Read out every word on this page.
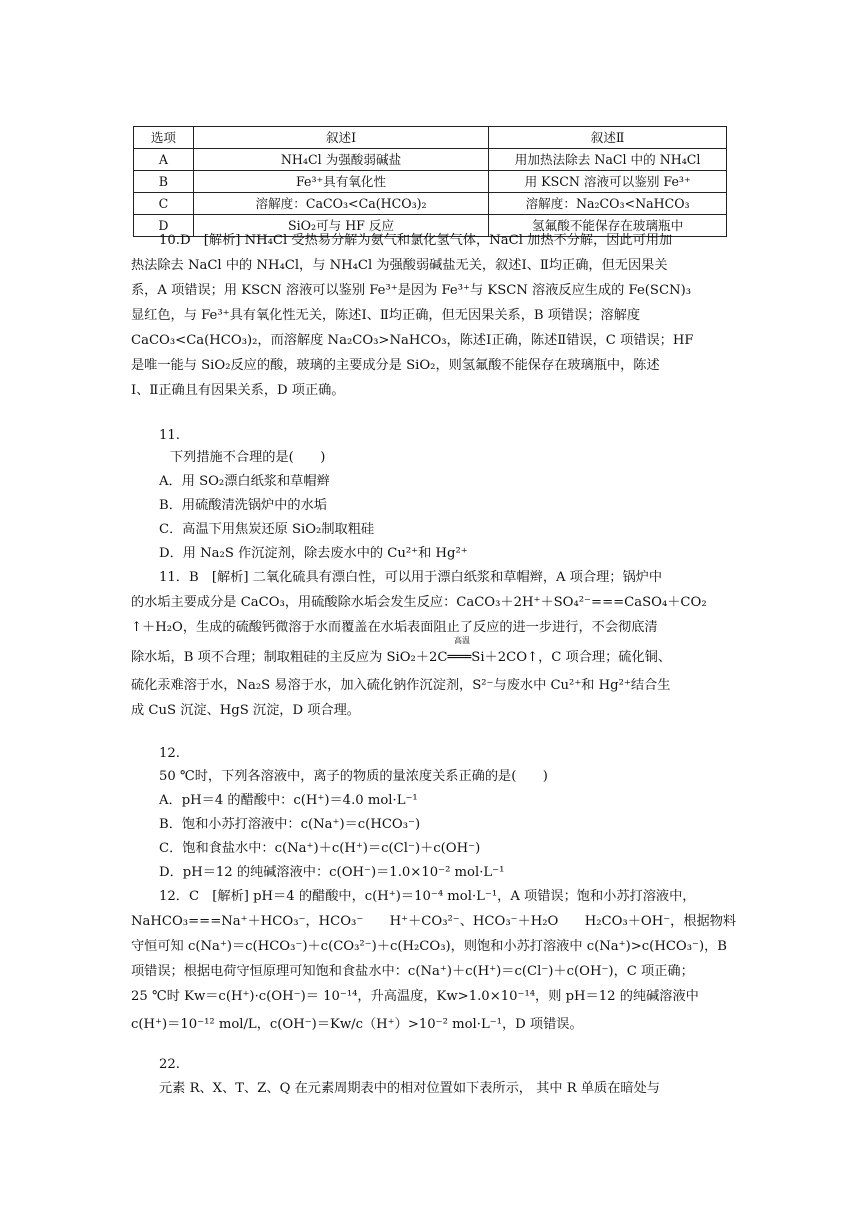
选项	叙述Ⅰ	叙述Ⅱ
A	NH₄Cl 为强酸弱碱盐	用加热法除去 NaCl 中的 NH₄Cl
B	Fe³⁺具有氧化性	用 KSCN 溶液可以鉴别 Fe³⁺
C	溶解度：CaCO₃<Ca(HCO₃)₂	溶解度：Na₂CO₃<NaHCO₃
D	SiO₂可与 HF 反应	氢氟酸不能保存在玻璃瓶中
10.D　[解析] NH₄Cl 受热易分解为氨气和氯化氢气体，NaCl 加热不分解，因此可用加
热法除去 NaCl 中的 NH₄Cl，与 NH₄Cl 为强酸弱碱盐无关，叙述Ⅰ、Ⅱ均正确，但无因果关
系，A 项错误；用 KSCN 溶液可以鉴别 Fe³⁺是因为 Fe³⁺与 KSCN 溶液反应生成的 Fe(SCN)₃
显红色，与 Fe³⁺具有氧化性无关，陈述Ⅰ、Ⅱ均正确，但无因果关系，B 项错误；溶解度
CaCO₃<Ca(HCO₃)₂，而溶解度 Na₂CO₃>NaHCO₃，陈述Ⅰ正确，陈述Ⅱ错误，C 项错误；HF
是唯一能与 SiO₂反应的酸，玻璃的主要成分是 SiO₂，则氢氟酸不能保存在玻璃瓶中，陈述
Ⅰ、Ⅱ正确且有因果关系，D 项正确。
11.
下列措施不合理的是(　　)
A．用 SO₂漂白纸浆和草帽辫
B．用硫酸清洗锅炉中的水垢
C．高温下用焦炭还原 SiO₂制取粗硅
D．用 Na₂S 作沉淀剂，除去废水中的 Cu²⁺和 Hg²⁺
11．B　[解析] 二氧化硫具有漂白性，可以用于漂白纸浆和草帽辫，A 项合理；锅炉中
的水垢主要成分是 CaCO₃，用硫酸除水垢会发生反应：CaCO₃＋2H⁺＋SO₄²⁻===CaSO₄＋CO₂
↑＋H₂O，生成的硫酸钙微溶于水而覆盖在水垢表面阻止了反应的进一步进行，不会彻底清
高温
除水垢，B 项不合理；制取粗硅的主反应为 SiO₂＋2C═══Si＋2CO↑，C 项合理；硫化铜、
硫化汞难溶于水，Na₂S 易溶于水，加入硫化钠作沉淀剂，S²⁻与废水中 Cu²⁺和 Hg²⁺结合生
成 CuS 沉淀、HgS 沉淀，D 项合理。
12.
50 ℃时，下列各溶液中，离子的物质的量浓度关系正确的是(　　)
A．pH＝4 的醋酸中：c(H⁺)＝4.0 mol·L⁻¹
B．饱和小苏打溶液中：c(Na⁺)＝c(HCO₃⁻)
C．饱和食盐水中：c(Na⁺)＋c(H⁺)＝c(Cl⁻)＋c(OH⁻)
D．pH＝12 的纯碱溶液中：c(OH⁻)＝1.0×10⁻² mol·L⁻¹
12．C　[解析] pH＝4 的醋酸中，c(H⁺)＝10⁻⁴ mol·L⁻¹，A 项错误；饱和小苏打溶液中，
NaHCO₃===Na⁺＋HCO₃⁻，HCO₃⁻　　H⁺＋CO₃²⁻、HCO₃⁻＋H₂O　　H₂CO₃＋OH⁻，根据物料
守恒可知 c(Na⁺)＝c(HCO₃⁻)＋c(CO₃²⁻)＋c(H₂CO₃)，则饱和小苏打溶液中 c(Na⁺)>c(HCO₃⁻)，B
项错误；根据电荷守恒原理可知饱和食盐水中：c(Na⁺)＋c(H⁺)＝c(Cl⁻)＋c(OH⁻)，C 项正确；
25 ℃时 Kw＝c(H⁺)·c(OH⁻)＝ 10⁻¹⁴，升高温度，Kw>1.0×10⁻¹⁴，则 pH＝12 的纯碱溶液中
c(H⁺)＝10⁻¹² mol/L，c(OH⁻)＝Kw/c（H⁺）>10⁻² mol·L⁻¹，D 项错误。
22.
元素 R、X、T、Z、Q 在元素周期表中的相对位置如下表所示， 其中 R 单质在暗处与
